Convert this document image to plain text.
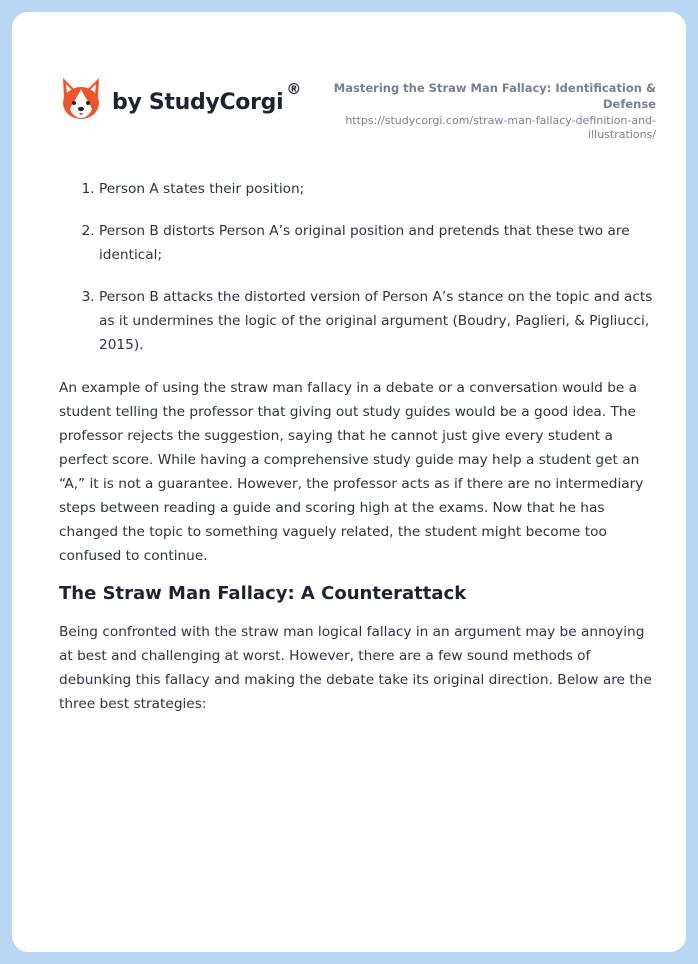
by StudyCorgi
®	Mastering the Straw Man Fallacy: Identification & Defense
https://studycorgi.com/straw-man-fallacy-definition-and-illustrations/
1. Person A states their position;
2. Person B distorts Person A’s original position and pretends that these two are identical;
3. Person B attacks the distorted version of Person A’s stance on the topic and acts as it undermines the logic of the original argument (Boudry, Paglieri, & Pigliucci, 2015).

An example of using the straw man fallacy in a debate or a conversation would be a student telling the professor that giving out study guides would be a good idea. The professor rejects the suggestion, saying that he cannot just give every student a perfect score. While having a comprehensive study guide may help a student get an “A,” it is not a guarantee. However, the professor acts as if there are no intermediary steps between reading a guide and scoring high at the exams. Now that he has changed the topic to something vaguely related, the student might become too confused to continue.

The Straw Man Fallacy: A Counterattack

Being confronted with the straw man logical fallacy in an argument may be annoying at best and challenging at worst. However, there are a few sound methods of debunking this fallacy and making the debate take its original direction. Below are the three best strategies:
